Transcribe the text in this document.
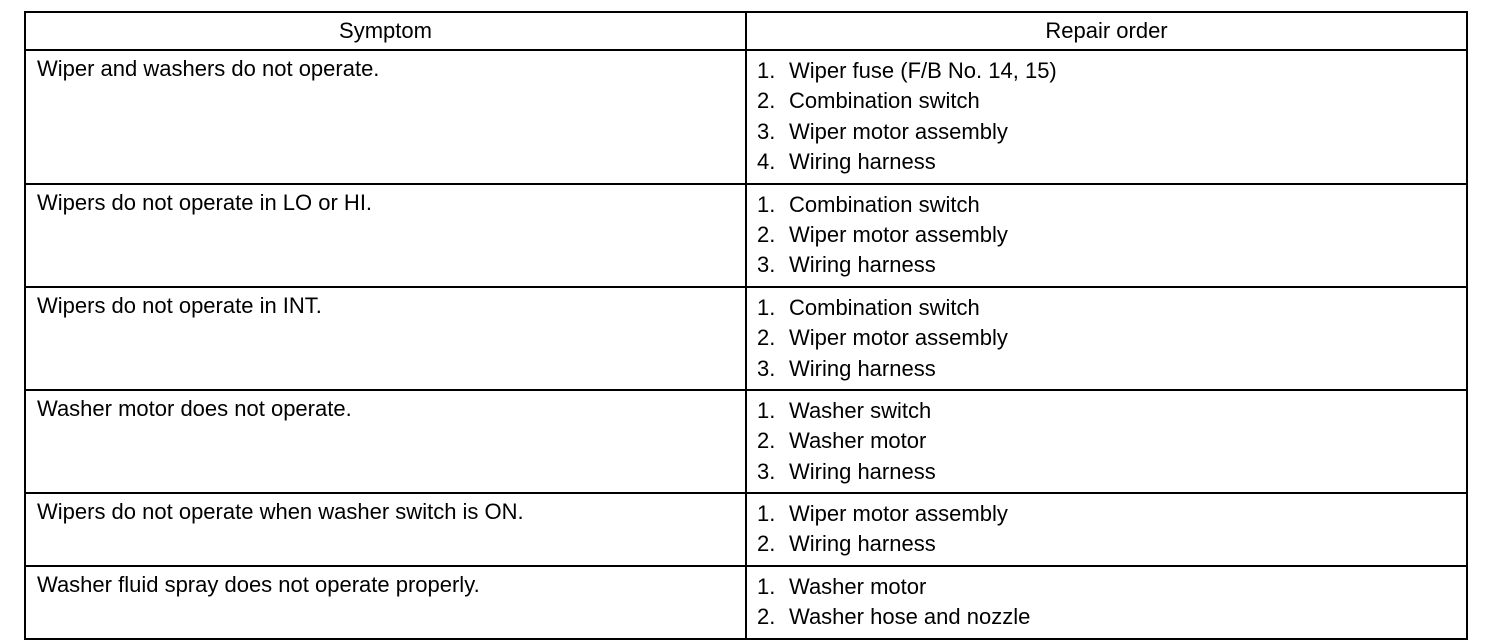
Symptom	Repair order
Wiper and washers do not operate.	1. Wiper fuse (F/B No. 14, 15)
2. Combination switch
3. Wiper motor assembly
4. Wiring harness

Wipers do not operate in LO or HI.	1. Combination switch
2. Wiper motor assembly
3. Wiring harness

Wipers do not operate in INT.	1. Combination switch
2. Wiper motor assembly
3. Wiring harness

Washer motor does not operate.	1. Washer switch
2. Washer motor
3. Wiring harness

Wipers do not operate when washer switch is ON.	1. Wiper motor assembly
2. Wiring harness

Washer fluid spray does not operate properly.	1. Washer motor
2. Washer hose and nozzle
